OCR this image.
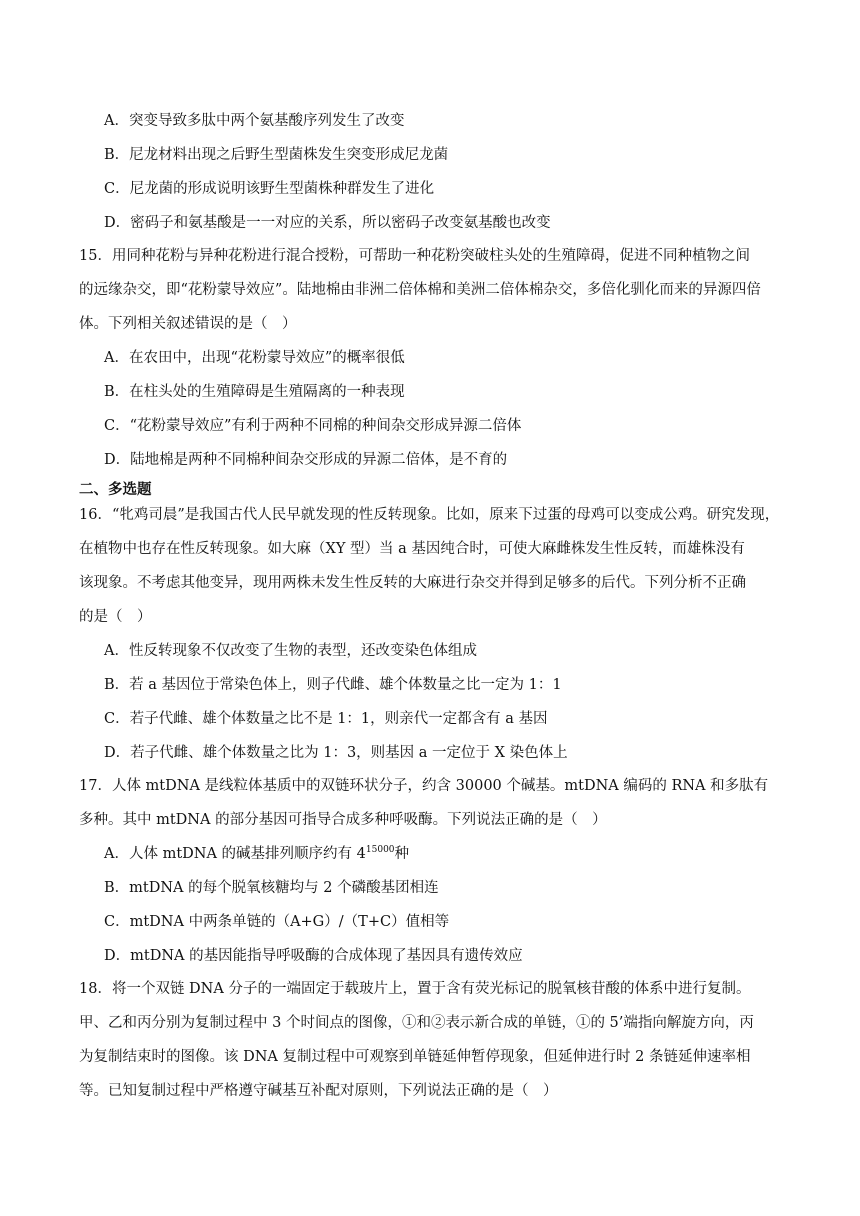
A．突变导致多肽中两个氨基酸序列发生了改变
B．尼龙材料出现之后野生型菌株发生突变形成尼龙菌
C．尼龙菌的形成说明该野生型菌株种群发生了进化
D．密码子和氨基酸是一一对应的关系，所以密码子改变氨基酸也改变
15．用同种花粉与异种花粉进行混合授粉，可帮助一种花粉突破柱头处的生殖障碍，促进不同种植物之间
的远缘杂交，即“花粉蒙导效应”。陆地棉由非洲二倍体棉和美洲二倍体棉杂交，多倍化驯化而来的异源四倍
体。下列相关叙述错误的是（　）
A．在农田中，出现“花粉蒙导效应”的概率很低
B．在柱头处的生殖障碍是生殖隔离的一种表现
C．“花粉蒙导效应”有利于两种不同棉的种间杂交形成异源二倍体
D．陆地棉是两种不同棉种间杂交形成的异源二倍体，是不育的
二、多选题
16．“牝鸡司晨”是我国古代人民早就发现的性反转现象。比如，原来下过蛋的母鸡可以变成公鸡。研究发现，
在植物中也存在性反转现象。如大麻（XY 型）当 a 基因纯合时，可使大麻雌株发生性反转，而雄株没有
该现象。不考虑其他变异，现用两株未发生性反转的大麻进行杂交并得到足够多的后代。下列分析不正确
的是（　）
A．性反转现象不仅改变了生物的表型，还改变染色体组成
B．若 a 基因位于常染色体上，则子代雌、雄个体数量之比一定为 1：1
C．若子代雌、雄个体数量之比不是 1：1，则亲代一定都含有 a 基因
D．若子代雌、雄个体数量之比为 1：3，则基因 a 一定位于 X 染色体上
17．人体 mtDNA 是线粒体基质中的双链环状分子，约含 30000 个碱基。mtDNA 编码的 RNA 和多肽有
多种。其中 mtDNA 的部分基因可指导合成多种呼吸酶。下列说法正确的是（　）
A．人体 mtDNA 的碱基排列顺序约有 $4^{15000}$种
B．mtDNA 的每个脱氧核糖均与 2 个磷酸基团相连
C．mtDNA 中两条单链的（A+G）/（T+C）值相等
D．mtDNA 的基因能指导呼吸酶的合成体现了基因具有遗传效应
18．将一个双链 DNA 分子的一端固定于载玻片上，置于含有荧光标记的脱氧核苷酸的体系中进行复制。
甲、乙和丙分别为复制过程中 3 个时间点的图像，①和②表示新合成的单链，①的 5’端指向解旋方向，丙
为复制结束时的图像。该 DNA 复制过程中可观察到单链延伸暂停现象，但延伸进行时 2 条链延伸速率相
等。已知复制过程中严格遵守碱基互补配对原则，下列说法正确的是（　）
